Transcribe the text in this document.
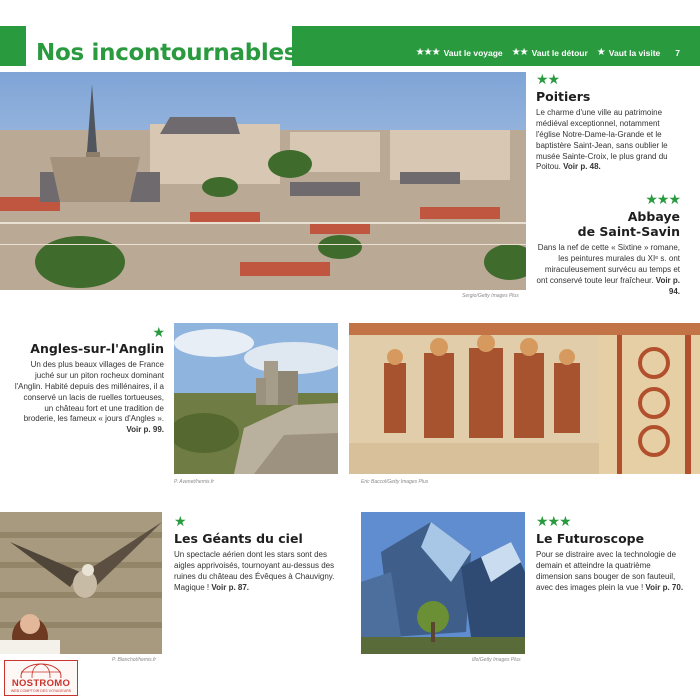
Nos incontournables	★★★ Vaut le voyage ★★ Vaut le détour ★ Vaut la visite 7
Sergio/Getty Images Plus
★★
Poitiers
Le charme d'une ville au patrimoine médiéval exceptionnel, notamment l'église Notre-Dame-la-Grande et le baptistère Saint-Jean, sans oublier le musée Sainte-Croix, le plus grand du Poitou. Voir p. 48.
★★★
Abbaye
de Saint-Savin
Dans la nef de cette « Sixtine » romane, les peintures murales du XIᵉ s. ont miraculeusement survécu au temps et ont conservé toute leur fraîcheur. Voir p. 94.
★
Angles-sur-l'Anglin
Un des plus beaux villages de France juché sur un piton rocheux dominant l'Anglin. Habité depuis des millénaires, il a conservé un lacis de ruelles tortueuses, un château fort et une tradition de broderie, les fameux « jours d'Angles ». Voir p. 99.
P. Avenet/hemis.fr	Eric Baccol/Getty Images Plus
P. Blanchot/hemis.fr
★
Les Géants du ciel
Un spectacle aérien dont les stars sont des aigles apprivoisés, tournoyant au-dessus des ruines du château des Évêques à Chauvigny. Magique ! Voir p. 87.
Illo/Getty Images Plus
★★★
Le Futuroscope
Pour se distraire avec la technologie de demain et atteindre la quatrième dimension sans bouger de son fauteuil, avec des images plein la vue ! Voir p. 70.
NOSTROMO
WEB COMPTOIR DES VOYAGEURS
